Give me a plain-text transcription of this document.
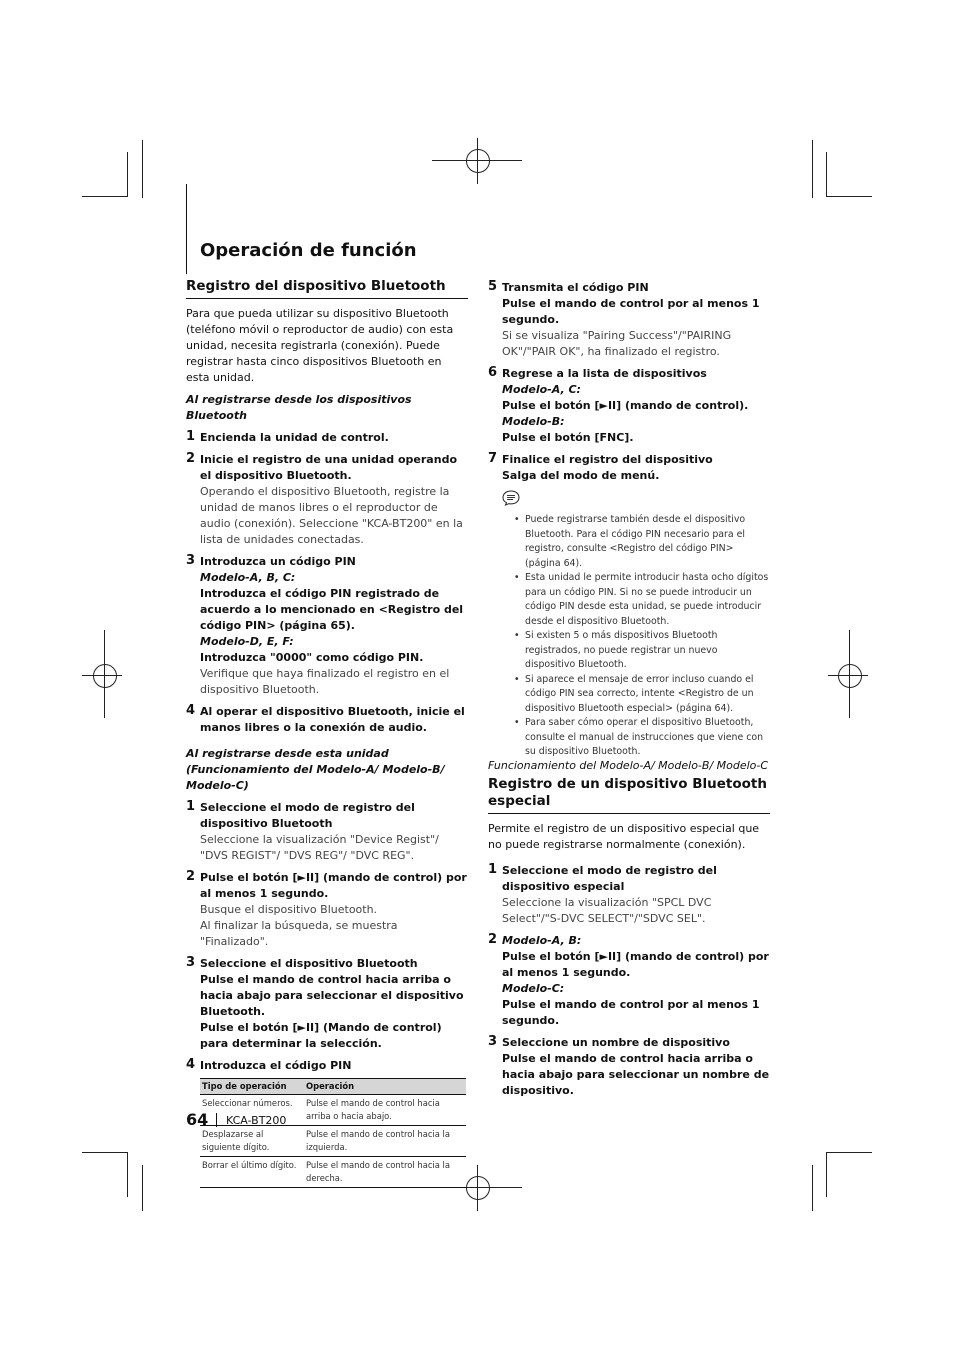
Operación de función
Registro del dispositivo Bluetooth

Para que pueda utilizar su dispositivo Bluetooth (teléfono móvil o reproductor de audio) con esta unidad, necesita registrarla (conexión). Puede registrar hasta cinco dispositivos Bluetooth en esta unidad.

Al registrarse desde los dispositivos Bluetooth
1 Encienda la unidad de control.
2 Inicie el registro de una unidad operando el dispositivo Bluetooth.
Operando el dispositivo Bluetooth, registre la unidad de manos libres o el reproductor de audio (conexión). Seleccione "KCA-BT200" en la lista de unidades conectadas.
3 Introduzca un código PIN
Modelo-A, B, C:
Introduzca el código PIN registrado de acuerdo a lo mencionado en <Registro del código PIN> (página 65).
Modelo-D, E, F:
Introduzca "0000" como código PIN.
Verifique que haya finalizado el registro en el dispositivo Bluetooth.
4 Al operar el dispositivo Bluetooth, inicie el manos libres o la conexión de audio.
Al registrarse desde esta unidad (Funcionamiento del Modelo-A/ Modelo-B/ Modelo-C)
1 Seleccione el modo de registro del dispositivo Bluetooth
Seleccione la visualización "Device Regist"/ "DVS REGIST"/ "DVS REG"/ "DVC REG".
2 Pulse el botón [►II] (mando de control) por al menos 1 segundo.
Busque el dispositivo Bluetooth.
Al finalizar la búsqueda, se muestra "Finalizado".
3 Seleccione el dispositivo Bluetooth
Pulse el mando de control hacia arriba o hacia abajo para seleccionar el dispositivo Bluetooth.
Pulse el botón [►II] (Mando de control) para determinar la selección.
4 Introduzca el código PIN
Tipo de operación	Operación
Seleccionar números.	Pulse el mando de control hacia arriba o hacia abajo.
Desplazarse al siguiente dígito.	Pulse el mando de control hacia la izquierda.
Borrar el último dígito.	Pulse el mando de control hacia la derecha.
5 Transmita el código PIN
Pulse el mando de control por al menos 1 segundo.
Si se visualiza "Pairing Success"/"PAIRING OK"/"PAIR OK", ha finalizado el registro.
6 Regrese a la lista de dispositivos
Modelo-A, C:
Pulse el botón [►II] (mando de control).
Modelo-B:
Pulse el botón [FNC].
7 Finalice el registro del dispositivo
Salga del modo de menú.
• Puede registrarse también desde el dispositivo Bluetooth. Para el código PIN necesario para el registro, consulte <Registro del código PIN> (página 64).
• Esta unidad le permite introducir hasta ocho dígitos para un código PIN. Si no se puede introducir un código PIN desde esta unidad, se puede introducir desde el dispositivo Bluetooth.
• Si existen 5 o más dispositivos Bluetooth registrados, no puede registrar un nuevo dispositivo Bluetooth.
• Si aparece el mensaje de error incluso cuando el código PIN sea correcto, intente <Registro de un dispositivo Bluetooth especial> (página 64).
• Para saber cómo operar el dispositivo Bluetooth, consulte el manual de instrucciones que viene con su dispositivo Bluetooth.
Funcionamiento del Modelo-A/ Modelo-B/ Modelo-C
Registro de un dispositivo Bluetooth especial

Permite el registro de un dispositivo especial que no puede registrarse normalmente (conexión).

1 Seleccione el modo de registro del dispositivo especial
Seleccione la visualización "SPCL DVC Select"/"S-DVC SELECT"/"SDVC SEL".
2 Modelo-A, B:
Pulse el botón [►II] (mando de control) por al menos 1 segundo.
Modelo-C:
Pulse el mando de control por al menos 1 segundo.
3 Seleccione un nombre de dispositivo
Pulse el mando de control hacia arriba o hacia abajo para seleccionar un nombre de dispositivo.
64 KCA-BT200
